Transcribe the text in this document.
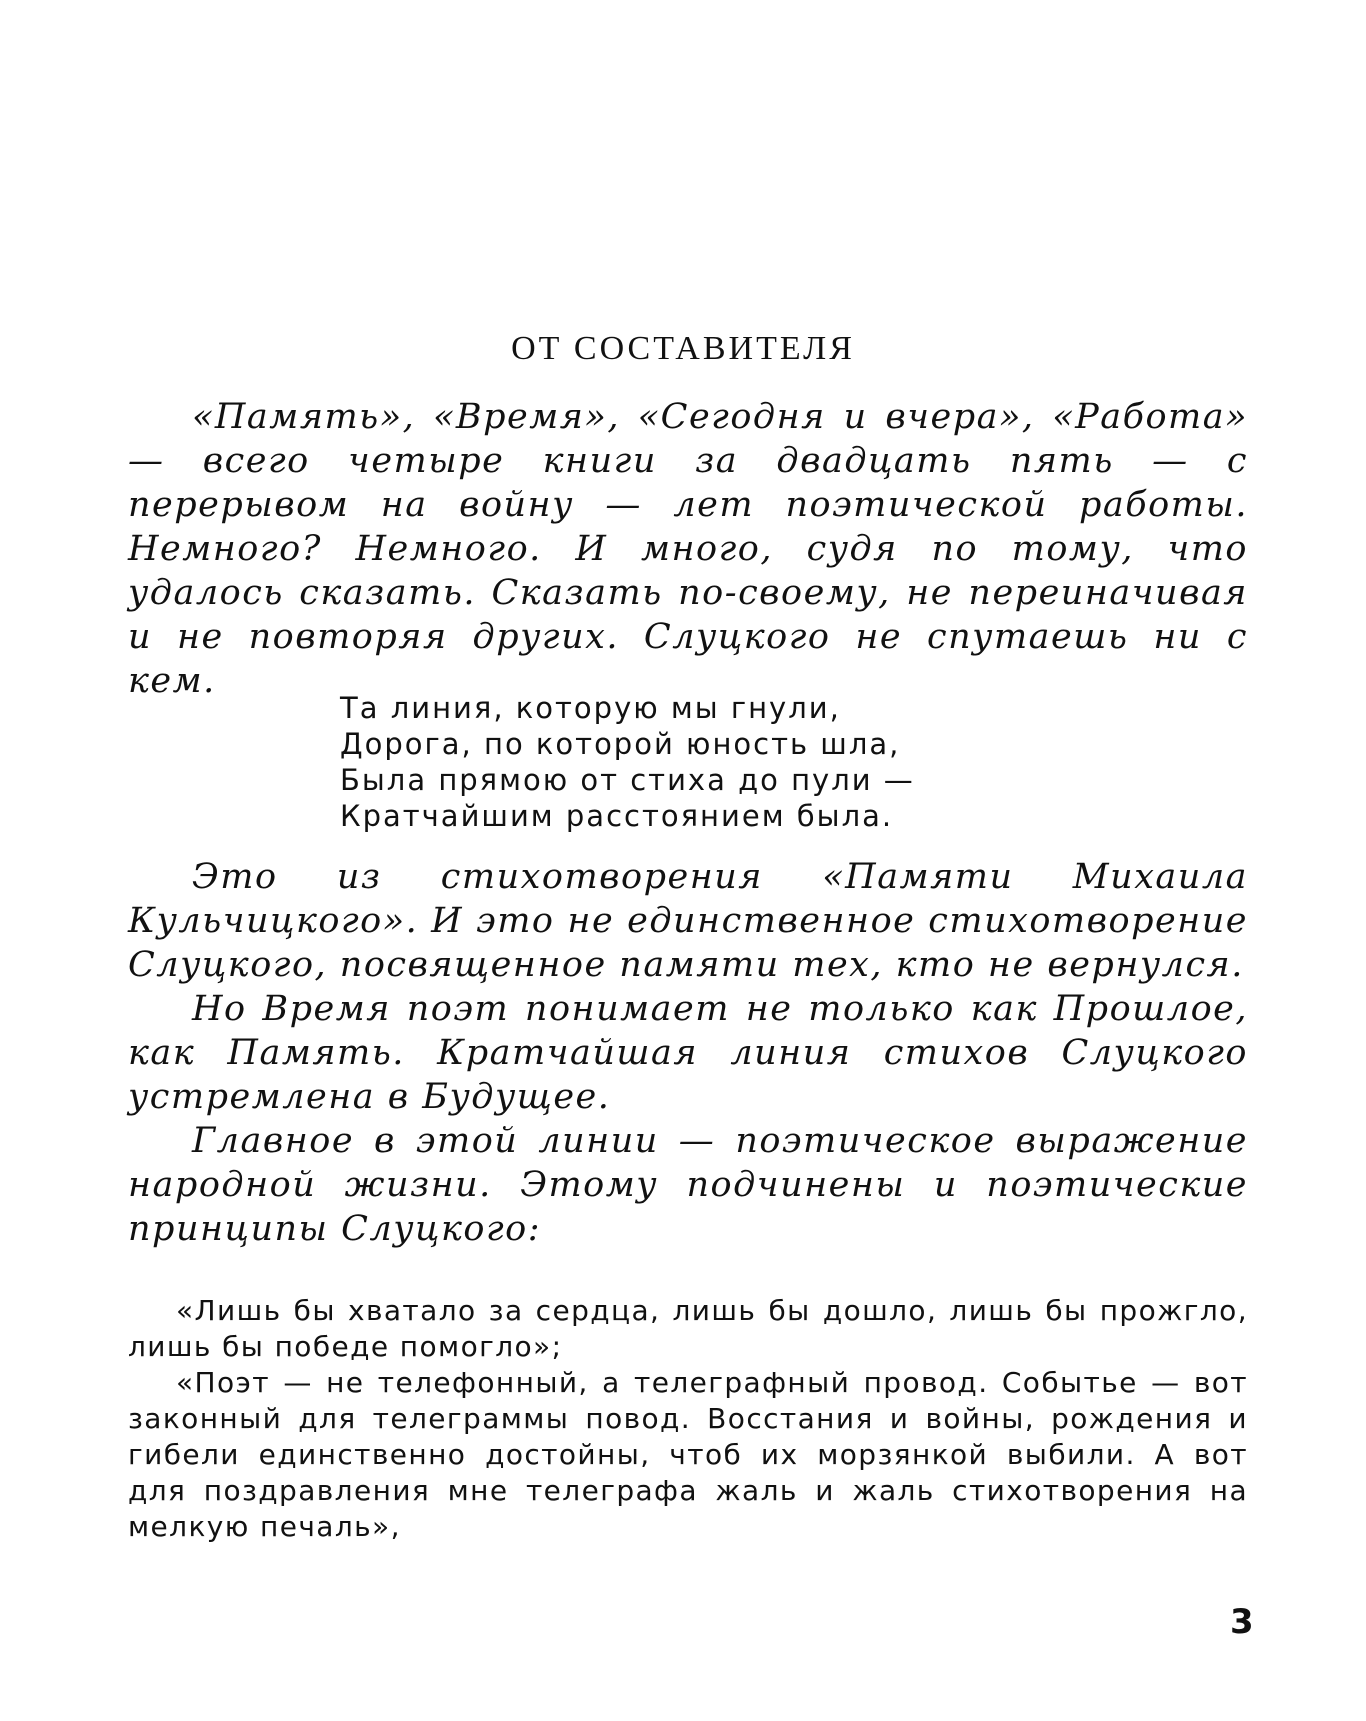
ОТ СОСТАВИТЕЛЯ

«Память», «Время», «Сегодня и вчера», «Работа» — всего четыре книги за двадцать пять — с перерывом на войну — лет поэтической работы. Немного? Немного. И много, судя по тому, что удалось сказать. Сказать по-своему, не переиначивая и не повторяя других. Слуцкого не спутаешь ни с кем.

Та линия, которую мы гнули,
Дорога, по которой юность шла,
Была прямою от стиха до пули —
Кратчайшим расстоянием была.

Это из стихотворения «Памяти Михаила Кульчицкого». И это не единственное стихотворение Слуцкого, посвященное памяти тех, кто не вернулся.

Но Время поэт понимает не только как Прошлое, как Память. Кратчайшая линия стихов Слуцкого устремлена в Будущее.

Главное в этой линии — поэтическое выражение народной жизни. Этому подчинены и поэтические принципы Слуцкого:

«Лишь бы хватало за сердца, лишь бы дошло, лишь бы прожгло, лишь бы победе помогло»;

«Поэт — не телефонный, а телеграфный провод. Событье — вот законный для телеграммы повод. Восстания и войны, рождения и гибели единственно достойны, чтоб их морзянкой выбили. А вот для поздравления мне телеграфа жаль и жаль стихотворения на мелкую печаль»,

3
